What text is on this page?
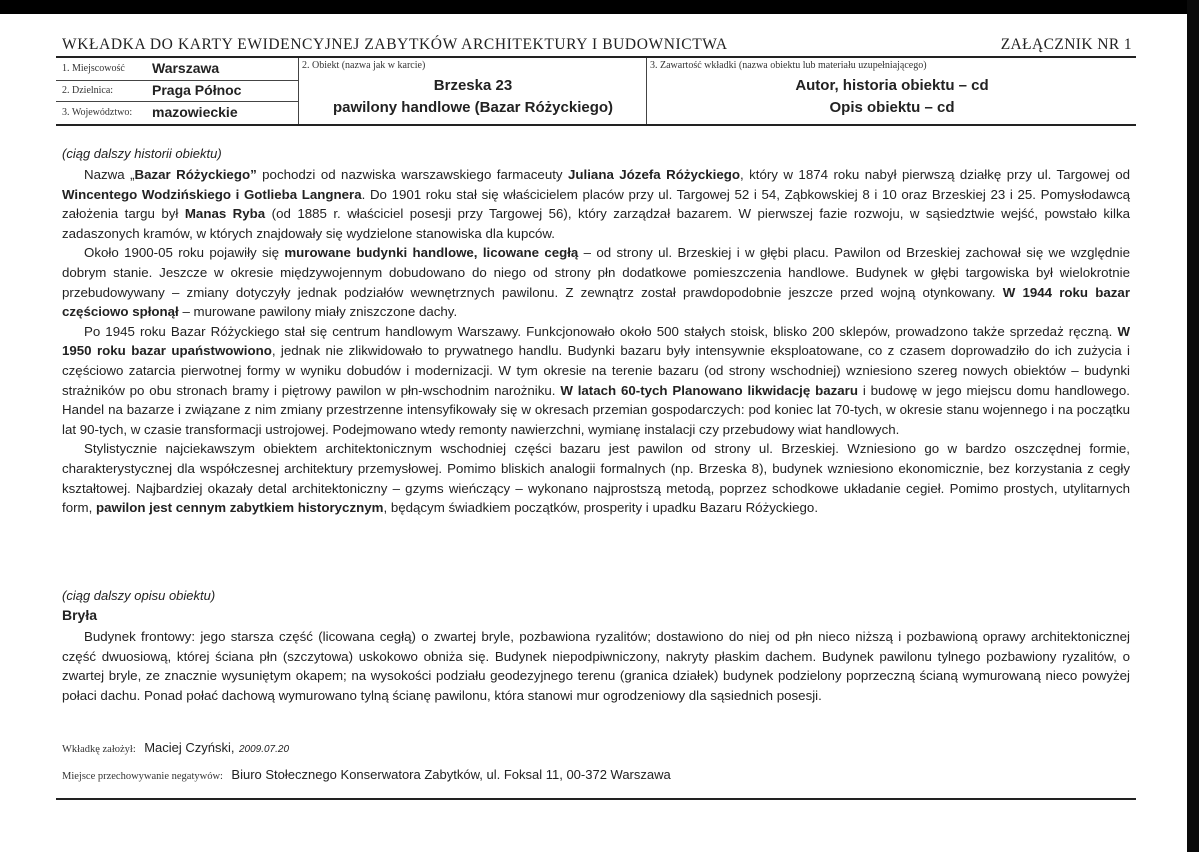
WKŁADKA DO KARTY EWIDENCYJNEJ ZABYTKÓW ARCHITEKTURY I BUDOWNICTWA	ZAŁĄCZNIK NR 1
1. Miejscowość Warszawa
2. Dzielnica:	Praga Północ
3. Województwo: mazowieckie
2. Obiekt (nazwa jak w karcie)
Brzeska 23
pawilony handlowe (Bazar Różyckiego)
3. Zawartość wkładki (nazwa obiektu lub materiału uzupełniającego)
Autor, historia obiektu – cd
Opis obiektu – cd
(ciąg dalszy historii obiektu)

Nazwa „Bazar Różyckiego” pochodzi od nazwiska warszawskiego farmaceuty Juliana Józefa Różyckiego, który w 1874 roku nabył pierwszą działkę przy ul. Targowej od Wincentego Wodzińskiego i Gotlieba Langnera. Do 1901 roku stał się właścicielem placów przy ul. Targowej 52 i 54, Ząbkowskiej 8 i 10 oraz Brzeskiej 23 i 25. Pomysłodawcą założenia targu był Manas Ryba (od 1885 r. właściciel posesji przy Targowej 56), który zarządzał bazarem. W pierwszej fazie rozwoju, w sąsiedztwie wejść, powstało kilka zadaszonych kramów, w których znajdowały się wydzielone stanowiska dla kupców.

Około 1900-05 roku pojawiły się murowane budynki handlowe, licowane cegłą – od strony ul. Brzeskiej i w głębi placu. Pawilon od Brzeskiej zachował się we względnie dobrym stanie. Jeszcze w okresie międzywojennym dobudowano do niego od strony płn dodatkowe pomieszczenia handlowe. Budynek w głębi targowiska był wielokrotnie przebudowywany – zmiany dotyczyły jednak podziałów wewnętrznych pawilonu. Z zewnątrz został prawdopodobnie jeszcze przed wojną otynkowany. W 1944 roku bazar częściowo spłonął – murowane pawilony miały zniszczone dachy.

Po 1945 roku Bazar Różyckiego stał się centrum handlowym Warszawy. Funkcjonowało około 500 stałych stoisk, blisko 200 sklepów, prowadzono także sprzedaż ręczną. W 1950 roku bazar upaństwowiono, jednak nie zlikwidowało to prywatnego handlu. Budynki bazaru były intensywnie eksploatowane, co z czasem doprowadziło do ich zużycia i częściowo zatarcia pierwotnej formy w wyniku dobudów i modernizacji. W tym okresie na terenie bazaru (od strony wschodniej) wzniesiono szereg nowych obiektów – budynki strażników po obu stronach bramy i piętrowy pawilon w płn-wschodnim narożniku. W latach 60-tych Planowano likwidację bazaru i budowę w jego miejscu domu handlowego. Handel na bazarze i związane z nim zmiany przestrzenne intensyfikowały się w okresach przemian gospodarczych: pod koniec lat 70-tych, w okresie stanu wojennego i na początku lat 90-tych, w czasie transformacji ustrojowej. Podejmowano wtedy remonty nawierzchni, wymianę instalacji czy przebudowy wiat handlowych.

Stylistycznie najciekawszym obiektem architektonicznym wschodniej części bazaru jest pawilon od strony ul. Brzeskiej. Wzniesiono go w bardzo oszczędnej formie, charakterystycznej dla współczesnej architektury przemysłowej. Pomimo bliskich analogii formalnych (np. Brzeska 8), budynek wzniesiono ekonomicznie, bez korzystania z cegły kształtowej. Najbardziej okazały detal architektoniczny – gzyms wieńczący – wykonano najprostszą metodą, poprzez schodkowe układanie cegieł. Pomimo prostych, utylitarnych form, pawilon jest cennym zabytkiem historycznym, będącym świadkiem początków, prosperity i upadku Bazaru Różyckiego.

(ciąg dalszy opisu obiektu)
Bryła

Budynek frontowy: jego starsza część (licowana cegłą) o zwartej bryle, pozbawiona ryzalitów; dostawiono do niej od płn nieco niższą i pozbawioną oprawy architektonicznej część dwuosiową, której ściana płn (szczytowa) uskokowo obniża się. Budynek niepodpiwniczony, nakryty płaskim dachem. Budynek pawilonu tylnego pozbawiony ryzalitów, o zwartej bryle, ze znacznie wysuniętym okapem; na wysokości podziału geodezyjnego terenu (granica działek) budynek podzielony poprzeczną ścianą wymurowaną nieco powyżej połaci dachu. Ponad połać dachową wymurowano tylną ścianę pawilonu, która stanowi mur ogrodzeniowy dla sąsiednich posesji.

Wkładkę założył: Maciej Czyński, 2009.07.20
Miejsce przechowywanie negatywów: Biuro Stołecznego Konserwatora Zabytków, ul. Foksal 11, 00-372 Warszawa
